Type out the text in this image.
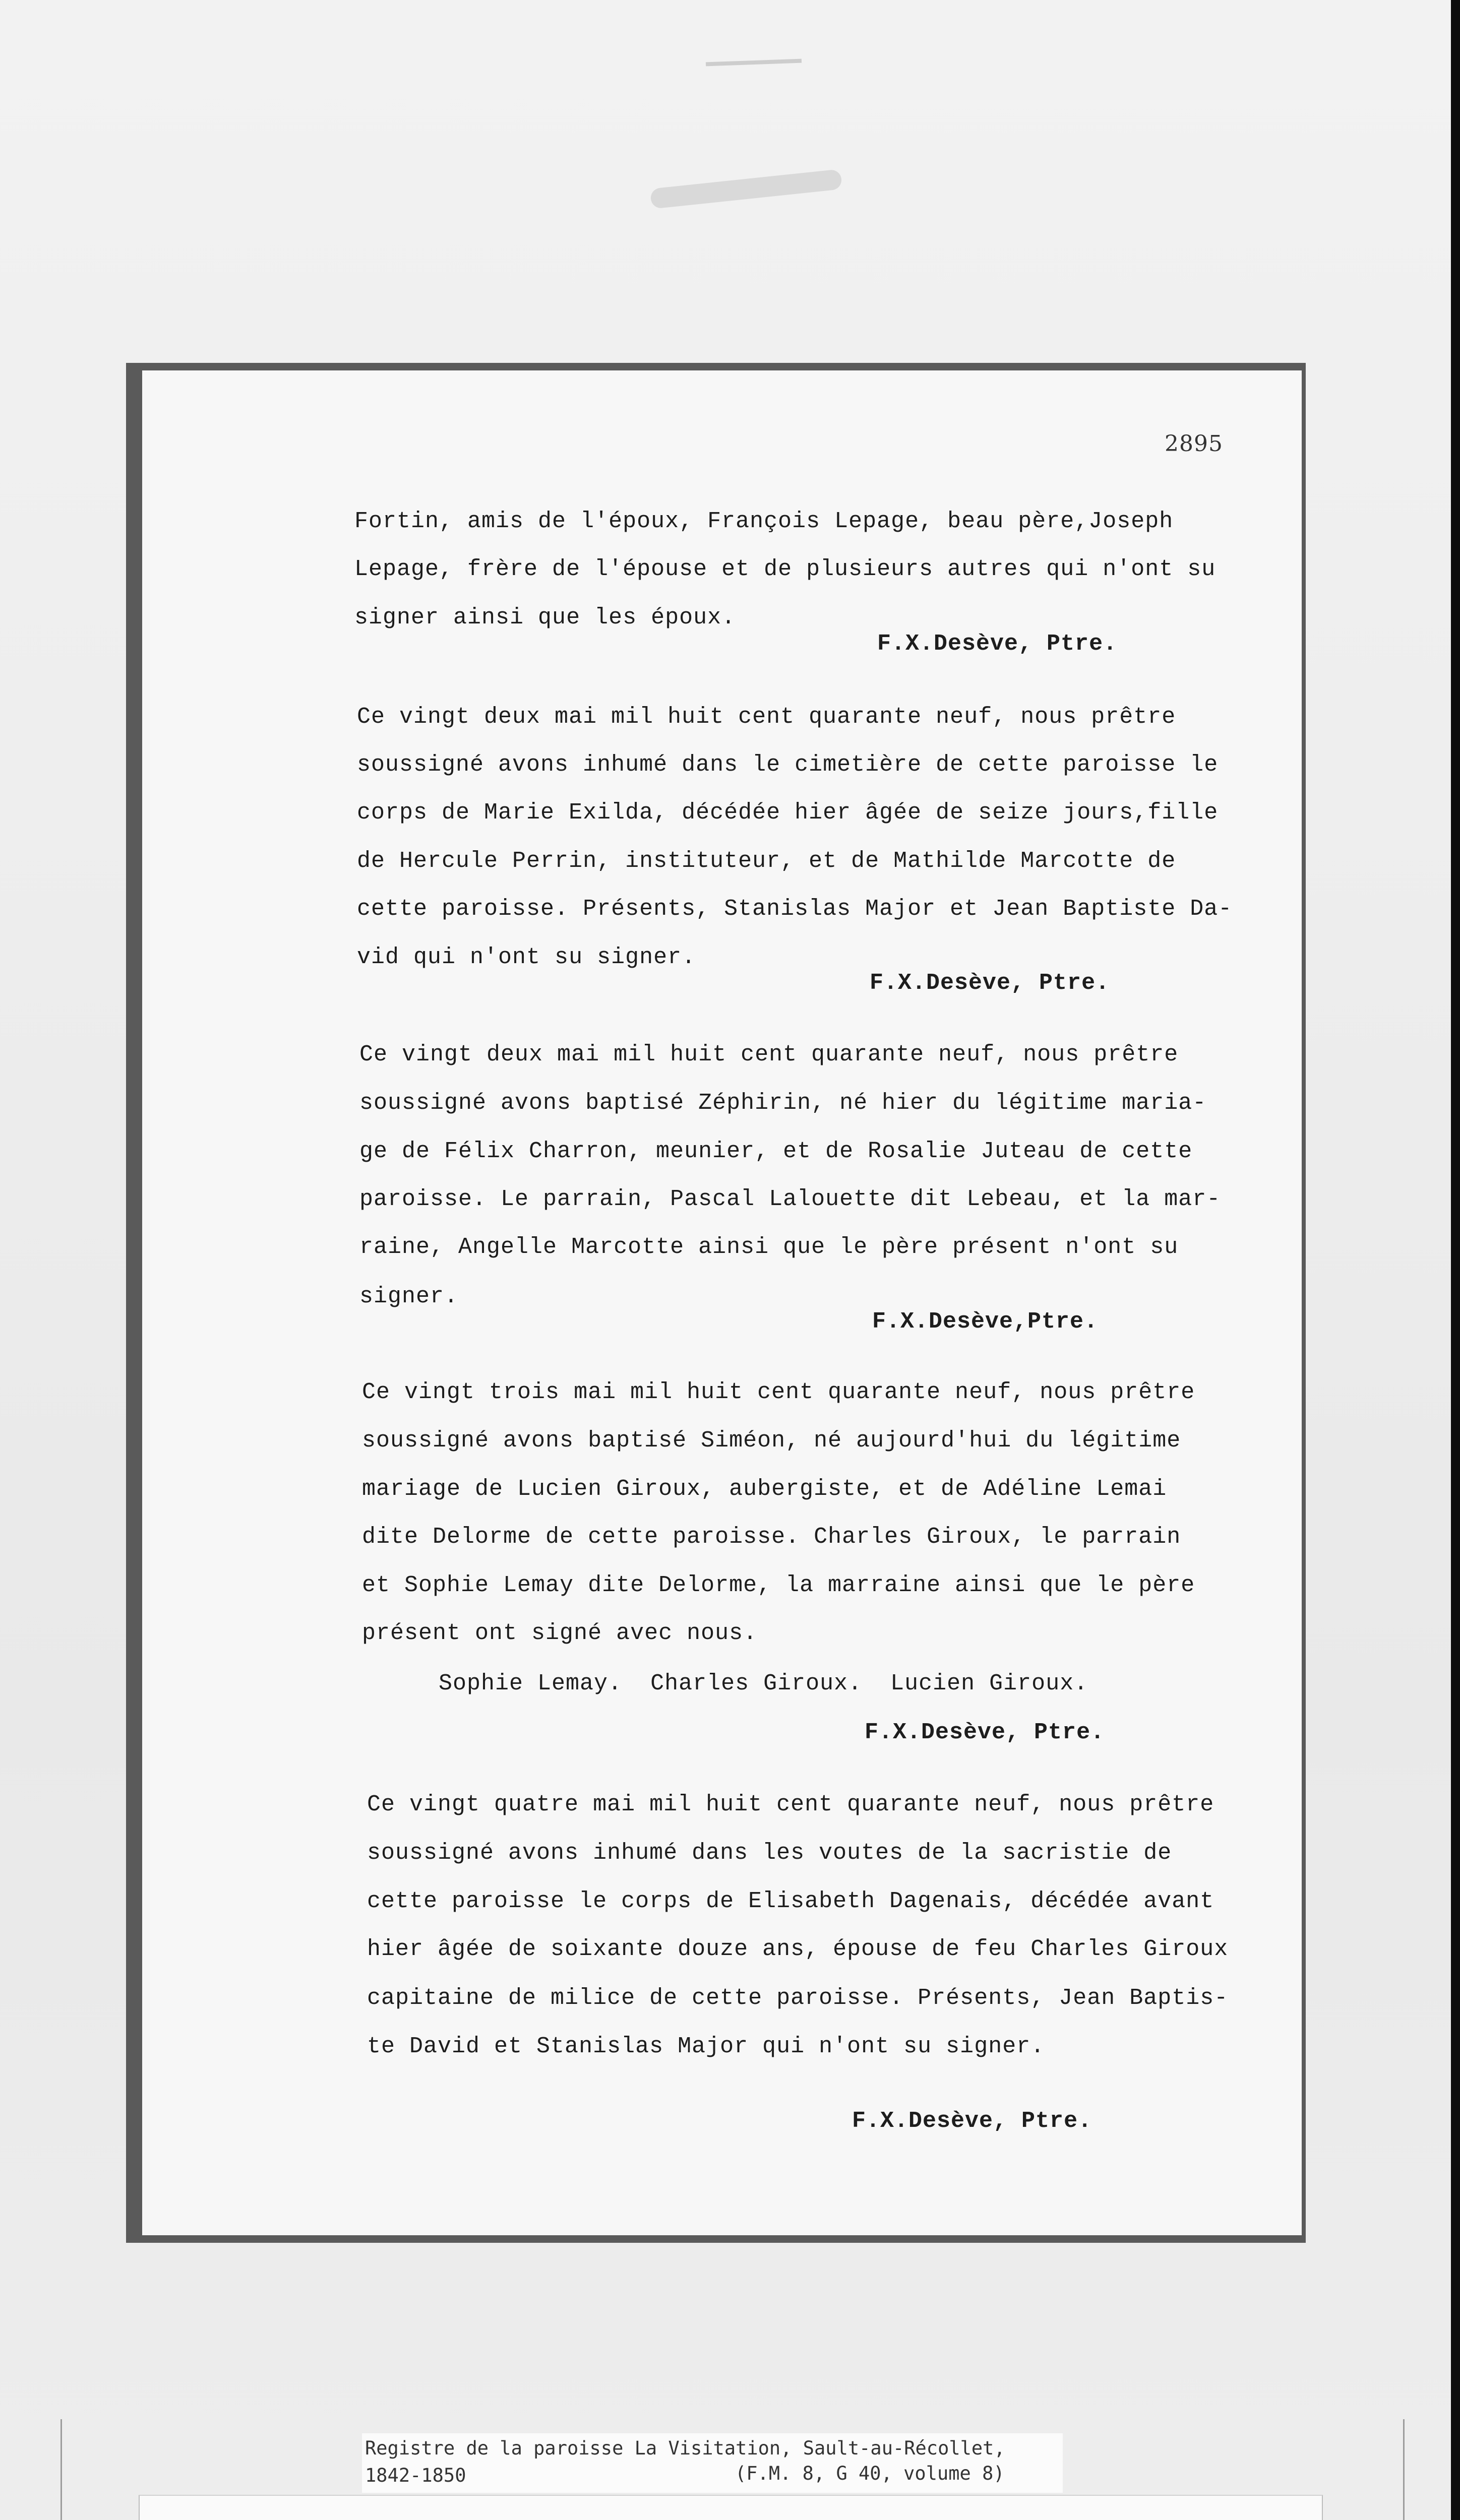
2895
Fortin, amis de l'époux, François Lepage, beau père,Joseph
Lepage, frère de l'épouse et de plusieurs autres qui n'ont su
signer ainsi que les époux.
F.X.Desève, Ptre.
Ce vingt deux mai mil huit cent quarante neuf, nous prêtre
soussigné avons inhumé dans le cimetière de cette paroisse le
corps de Marie Exilda, décédée hier âgée de seize jours,fille
de Hercule Perrin, instituteur, et de Mathilde Marcotte de
cette paroisse. Présents, Stanislas Major et Jean Baptiste Da-
vid qui n'ont su signer.
F.X.Desève, Ptre.
Ce vingt deux mai mil huit cent quarante neuf, nous prêtre
soussigné avons baptisé Zéphirin, né hier du légitime maria-
ge de Félix Charron, meunier, et de Rosalie Juteau de cette
paroisse. Le parrain, Pascal Lalouette dit Lebeau, et la mar-
raine, Angelle Marcotte ainsi que le père présent n'ont su
signer.
F.X.Desève,Ptre.
Ce vingt trois mai mil huit cent quarante neuf, nous prêtre
soussigné avons baptisé Siméon, né aujourd'hui du légitime
mariage de Lucien Giroux, aubergiste, et de Adéline Lemai
dite Delorme de cette paroisse. Charles Giroux, le parrain
et Sophie Lemay dite Delorme, la marraine ainsi que le père
présent ont signé avec nous.
Sophie Lemay.  Charles Giroux.  Lucien Giroux.
F.X.Desève, Ptre.
Ce vingt quatre mai mil huit cent quarante neuf, nous prêtre
soussigné avons inhumé dans les voutes de la sacristie de
cette paroisse le corps de Elisabeth Dagenais, décédée avant
hier âgée de soixante douze ans, épouse de feu Charles Giroux
capitaine de milice de cette paroisse. Présents, Jean Baptis-
te David et Stanislas Major qui n'ont su signer.
F.X.Desève, Ptre.
Registre de la paroisse La Visitation, Sault-au-Récollet,
1842-1850	(F.M. 8, G 40, volume 8)
